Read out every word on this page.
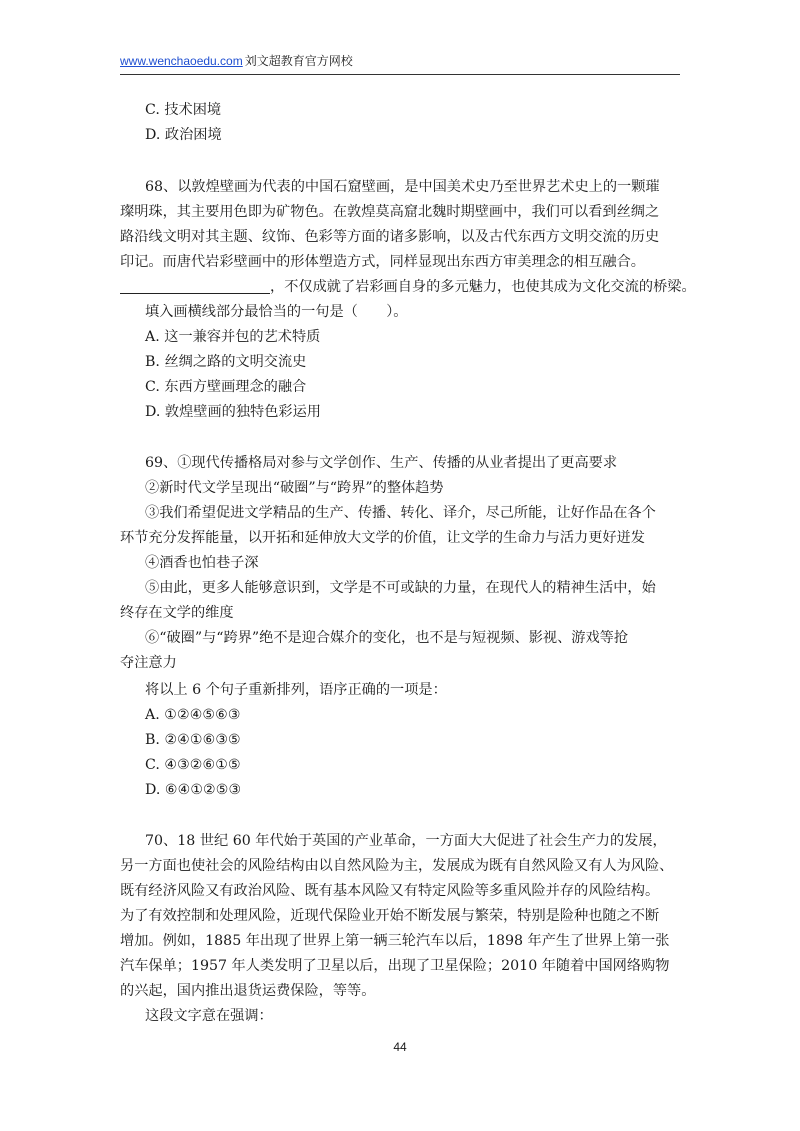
www.wenchaoedu.com 刘文超教育官方网校
C. 技术困境
D. 政治困境
68、以敦煌壁画为代表的中国石窟壁画，是中国美术史乃至世界艺术史上的一颗璀
璨明珠，其主要用色即为矿物色。在敦煌莫高窟北魏时期壁画中，我们可以看到丝绸之
路沿线文明对其主题、纹饰、色彩等方面的诸多影响，以及古代东西方文明交流的历史
印记。而唐代岩彩壁画中的形体塑造方式，同样显现出东西方审美理念的相互融合。
，不仅成就了岩彩画自身的多元魅力，也使其成为文化交流的桥梁。
填入画横线部分最恰当的一句是（　　）。
A. 这一兼容并包的艺术特质
B. 丝绸之路的文明交流史
C. 东西方壁画理念的融合
D. 敦煌壁画的独特色彩运用
69、①现代传播格局对参与文学创作、生产、传播的从业者提出了更高要求
②新时代文学呈现出“破圈”与“跨界”的整体趋势
③我们希望促进文学精品的生产、传播、转化、译介，尽己所能，让好作品在各个
环节充分发挥能量，以开拓和延伸放大文学的价值，让文学的生命力与活力更好迸发
④酒香也怕巷子深
⑤由此，更多人能够意识到，文学是不可或缺的力量，在现代人的精神生活中，始
终存在文学的维度
⑥“破圈”与“跨界”绝不是迎合媒介的变化，也不是与短视频、影视、游戏等抢
夺注意力
将以上 6 个句子重新排列，语序正确的一项是：
A. ①②④⑤⑥③
B. ②④①⑥③⑤
C. ④③②⑥①⑤
D. ⑥④①②⑤③
70、18 世纪 60 年代始于英国的产业革命，一方面大大促进了社会生产力的发展，
另一方面也使社会的风险结构由以自然风险为主，发展成为既有自然风险又有人为风险、
既有经济风险又有政治风险、既有基本风险又有特定风险等多重风险并存的风险结构。
为了有效控制和处理风险，近现代保险业开始不断发展与繁荣，特别是险种也随之不断
增加。例如，1885 年出现了世界上第一辆三轮汽车以后，1898 年产生了世界上第一张
汽车保单；1957 年人类发明了卫星以后，出现了卫星保险；2010 年随着中国网络购物
的兴起，国内推出退货运费保险，等等。
这段文字意在强调：
44
